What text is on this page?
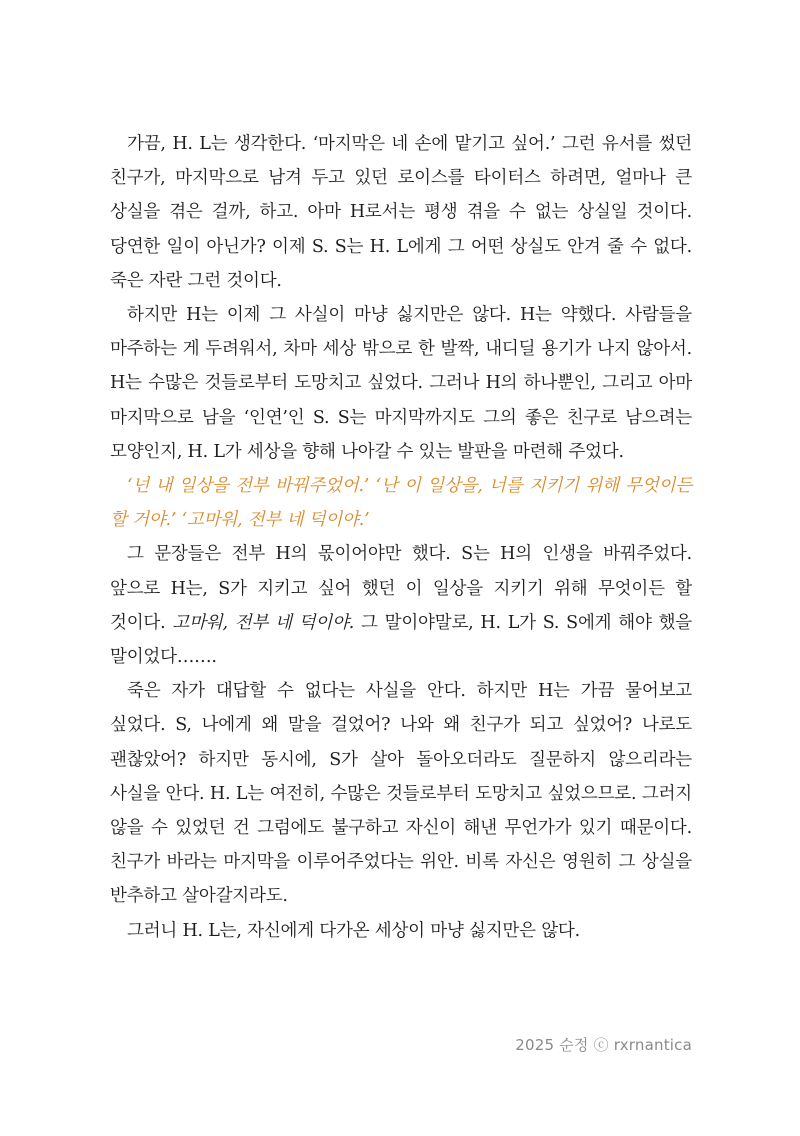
가끔, H. L는 생각한다. ‘마지막은 네 손에 맡기고 싶어.’ 그런 유서를 썼던 친구가, 마지막으로 남겨 두고 있던 로이스를 타이터스 하려면, 얼마나 큰 상실을 겪은 걸까, 하고. 아마 H로서는 평생 겪을 수 없는 상실일 것이다. 당연한 일이 아닌가? 이제 S. S는 H. L에게 그 어떤 상실도 안겨 줄 수 없다. 죽은 자란 그런 것이다.

하지만 H는 이제 그 사실이 마냥 싫지만은 않다. H는 약했다. 사람들을 마주하는 게 두려워서, 차마 세상 밖으로 한 발짝, 내디딜 용기가 나지 않아서. H는 수많은 것들로부터 도망치고 싶었다. 그러나 H의 하나뿐인, 그리고 아마 마지막으로 남을 ‘인연’인 S. S는 마지막까지도 그의 좋은 친구로 남으려는 모양인지, H. L가 세상을 향해 나아갈 수 있는 발판을 마련해 주었다.

‘넌 내 일상을 전부 바꿔주었어.’ ‘난 이 일상을, 너를 지키기 위해 무엇이든 할 거야.’ ‘고마워, 전부 네 덕이야.’

그 문장들은 전부 H의 몫이어야만 했다. S는 H의 인생을 바꿔주었다. 앞으로 H는, S가 지키고 싶어 했던 이 일상을 지키기 위해 무엇이든 할 것이다. 고마워, 전부 네 덕이야. 그 말이야말로, H. L가 S. S에게 해야 했을 말이었다…….

죽은 자가 대답할 수 없다는 사실을 안다. 하지만 H는 가끔 물어보고 싶었다. S, 나에게 왜 말을 걸었어? 나와 왜 친구가 되고 싶었어? 나로도 괜찮았어? 하지만 동시에, S가 살아 돌아오더라도 질문하지 않으리라는 사실을 안다. H. L는 여전히, 수많은 것들로부터 도망치고 싶었으므로. 그러지 않을 수 있었던 건 그럼에도 불구하고 자신이 해낸 무언가가 있기 때문이다. 친구가 바라는 마지막을 이루어주었다는 위안. 비록 자신은 영원히 그 상실을 반추하고 살아갈지라도.

그러니 H. L는, 자신에게 다가온 세상이 마냥 싫지만은 않다.

2025 순정 ⓒ rxrnantica
